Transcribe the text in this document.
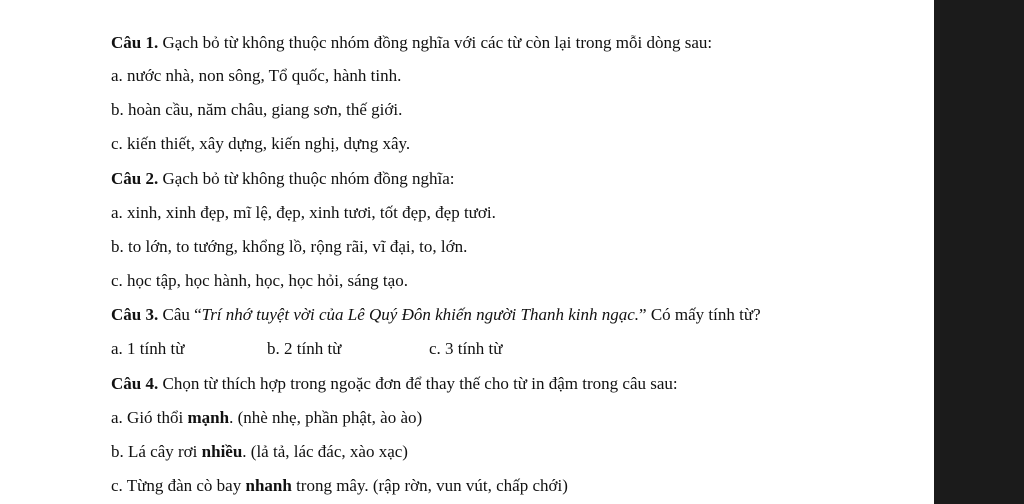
Câu 1. Gạch bỏ từ không thuộc nhóm đồng nghĩa với các từ còn lại trong mỗi dòng sau:
a. nước nhà, non sông, Tổ quốc, hành tinh.
b. hoàn cầu, năm châu, giang sơn, thế giới.
c. kiến thiết, xây dựng, kiến nghị, dựng xây.
Câu 2. Gạch bỏ từ không thuộc nhóm đồng nghĩa:
a. xinh, xinh đẹp, mĩ lệ, đẹp, xinh tươi, tốt đẹp, đẹp tươi.
b. to lớn, to tướng, khổng lồ, rộng rãi, vĩ đại, to, lớn.
c. học tập, học hành, học, học hỏi, sáng tạo.
Câu 3. Câu “Trí nhớ tuyệt vời của Lê Quý Đôn khiến người Thanh kinh ngạc.” Có mấy tính từ?
a. 1 tính từ	b. 2 tính từ	c. 3 tính từ
Câu 4. Chọn từ thích hợp trong ngoặc đơn để thay thế cho từ in đậm trong câu sau:
a. Gió thổi mạnh. (nhè nhẹ, phần phật, ào ào)
b. Lá cây rơi nhiều. (lả tả, lác đác, xào xạc)
c. Từng đàn cò bay nhanh trong mây. (rập rờn, vun vút, chấp chới)
